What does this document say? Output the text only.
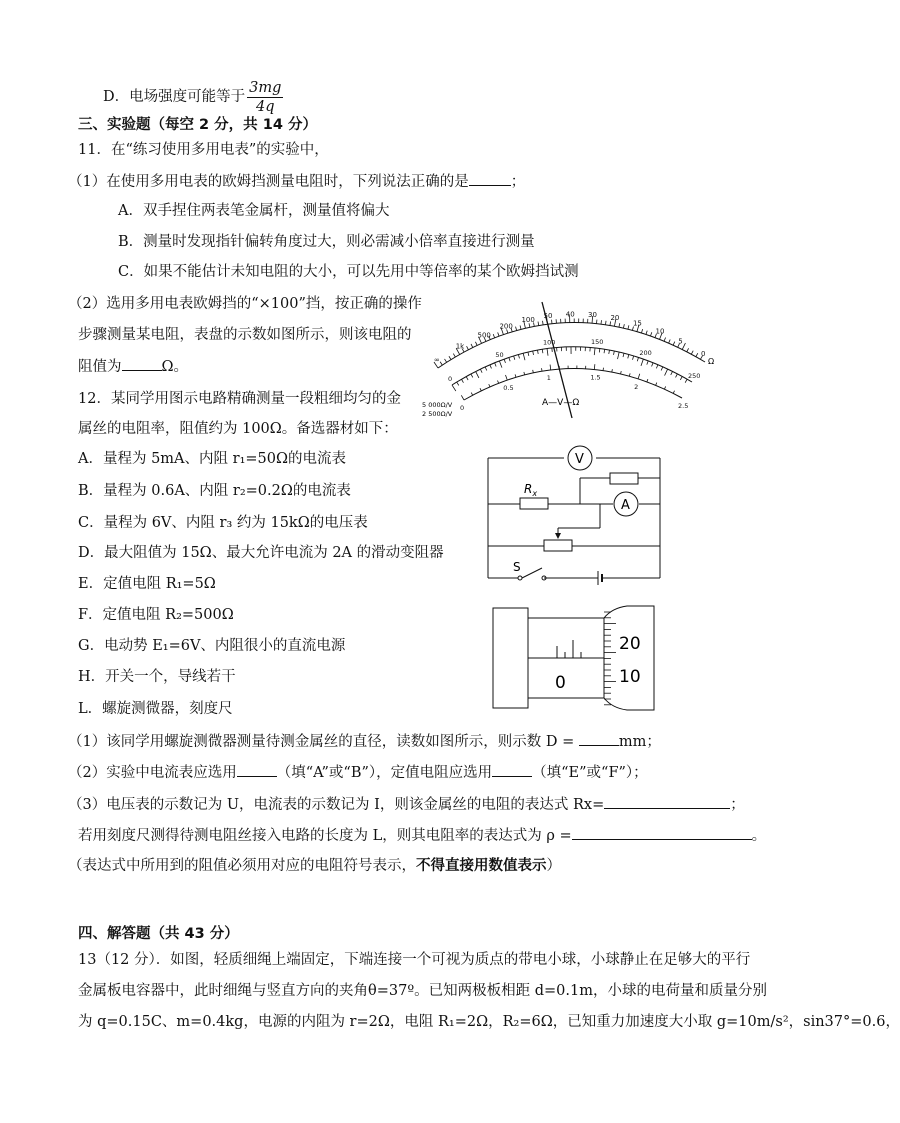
D．电场强度可能等于 $\frac{3mg}{4q}$
三、实验题（每空 2 分，共 14 分）
11．在“练习使用多用电表”的实验中，
（1）在使用多用电表的欧姆挡测量电阻时，下列说法正确的是	；
A．双手捏住两表笔金属杆，测量值将偏大
B．测量时发现指针偏转角度过大，则必需减小倍率直接进行测量
C．如果不能估计未知电阻的大小，可以先用中等倍率的某个欧姆挡试测
（2）选用多用电表欧姆挡的“×100”挡，按正确的操作
步骤测量某电阻，表盘的示数如图所示，则该电阻的
阻值为	Ω。	∞
1k
500
200
100
50 40 30 20
15
10
5
0
0
50
100	150
200
250
0
0.5
1	1.5
2
2.5
Ω
5 000Ω/V
2 500Ω/V
A—V—Ω
12．某同学用图示电路精确测量一段粗细均匀的金
属丝的电阻率，阻值约为 100Ω。备选器材如下：
A．量程为 5mA、内阻 r₁=50Ω的电流表
B．量程为 0.6A、内阻 r₂=0.2Ω的电流表
C．量程为 6V、内阻 r₃ 约为 15kΩ的电压表
D．最大阻值为 15Ω、最大允许电流为 2A 的滑动变阻器
E．定值电阻 R₁=5Ω
F．定值电阻 R₂=500Ω
G．电动势 E₁=6V、内阻很小的直流电源
H．开关一个，导线若干
L．螺旋测微器，刻度尺
V
A
$R_x$
S
20
10
0
（1）该同学用螺旋测微器测量待测金属丝的直径，读数如图所示，则示数 D =	mm；
（2）实验中电流表应选用	（填“A”或“B”），定值电阻应选用	（填“E”或“F”）；
（3）电压表的示数记为 U，电流表的示数记为 I，则该金属丝的电阻的表达式 Rx=	；
若用刻度尺测得待测电阻丝接入电路的长度为 L，则其电阻率的表达式为 ρ =	。
（表达式中所用到的阻值必须用对应的电阻符号表示，不得直接用数值表示）
四、解答题（共 43 分）
13（12 分）．如图，轻质细绳上端固定，下端连接一个可视为质点的带电小球，小球静止在足够大的平行
金属板电容器中，此时细绳与竖直方向的夹角θ=37º。已知两极板相距 d=0.1m，小球的电荷量和质量分别
为 q=0.15C、m=0.4kg，电源的内阻为 r=2Ω，电阻 R₁=2Ω，R₂=6Ω，已知重力加速度大小取 g=10m/s²，sin37°=0.6，
